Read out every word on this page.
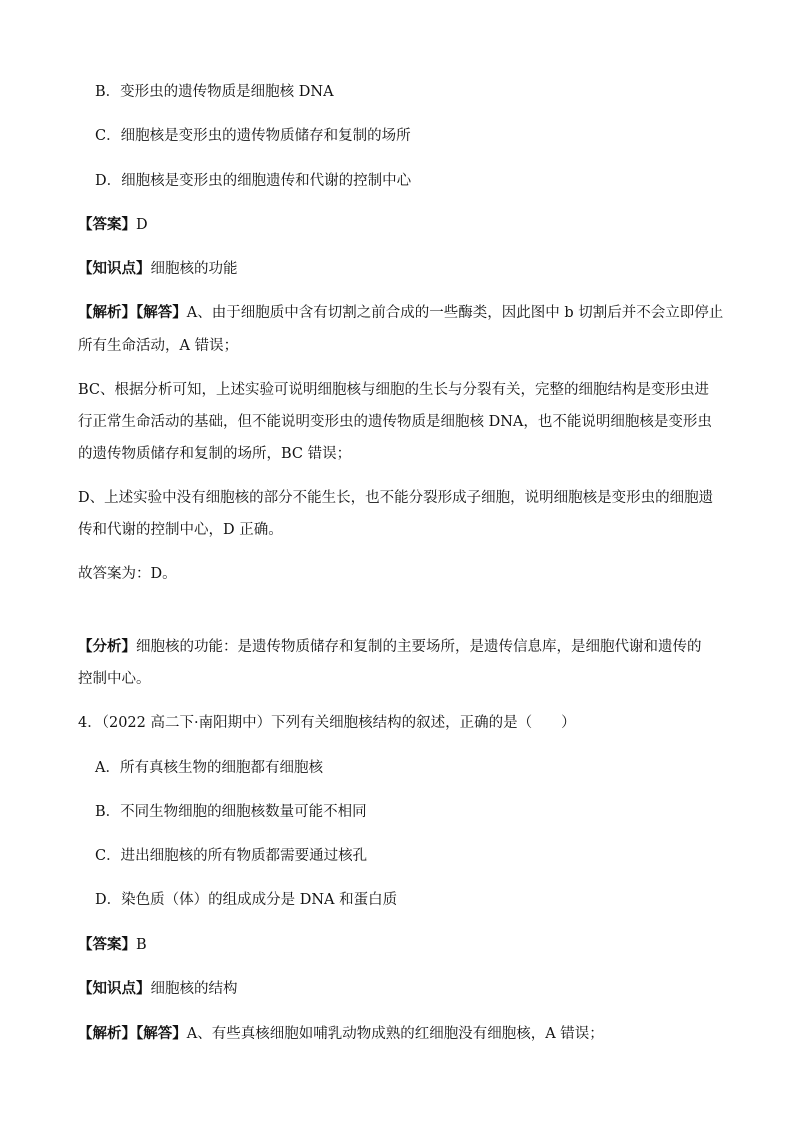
B．变形虫的遗传物质是细胞核 DNA
C．细胞核是变形虫的遗传物质储存和复制的场所
D．细胞核是变形虫的细胞遗传和代谢的控制中心
【答案】D
【知识点】细胞核的功能
【解析】【解答】A、由于细胞质中含有切割之前合成的一些酶类，因此图中 b 切割后并不会立即停止
所有生命活动，A 错误；
BC、根据分析可知，上述实验可说明细胞核与细胞的生长与分裂有关，完整的细胞结构是变形虫进
行正常生命活动的基础，但不能说明变形虫的遗传物质是细胞核 DNA，也不能说明细胞核是变形虫
的遗传物质储存和复制的场所，BC 错误；
D、上述实验中没有细胞核的部分不能生长，也不能分裂形成子细胞，说明细胞核是变形虫的细胞遗
传和代谢的控制中心，D 正确。
故答案为：D。
【分析】细胞核的功能：是遗传物质储存和复制的主要场所，是遗传信息库，是细胞代谢和遗传的
控制中心。
4．（2022 高二下·南阳期中）下列有关细胞核结构的叙述，正确的是（　　）
A．所有真核生物的细胞都有细胞核
B．不同生物细胞的细胞核数量可能不相同
C．进出细胞核的所有物质都需要通过核孔
D．染色质（体）的组成成分是 DNA 和蛋白质
【答案】B
【知识点】细胞核的结构
【解析】【解答】A、有些真核细胞如哺乳动物成熟的红细胞没有细胞核，A 错误；
